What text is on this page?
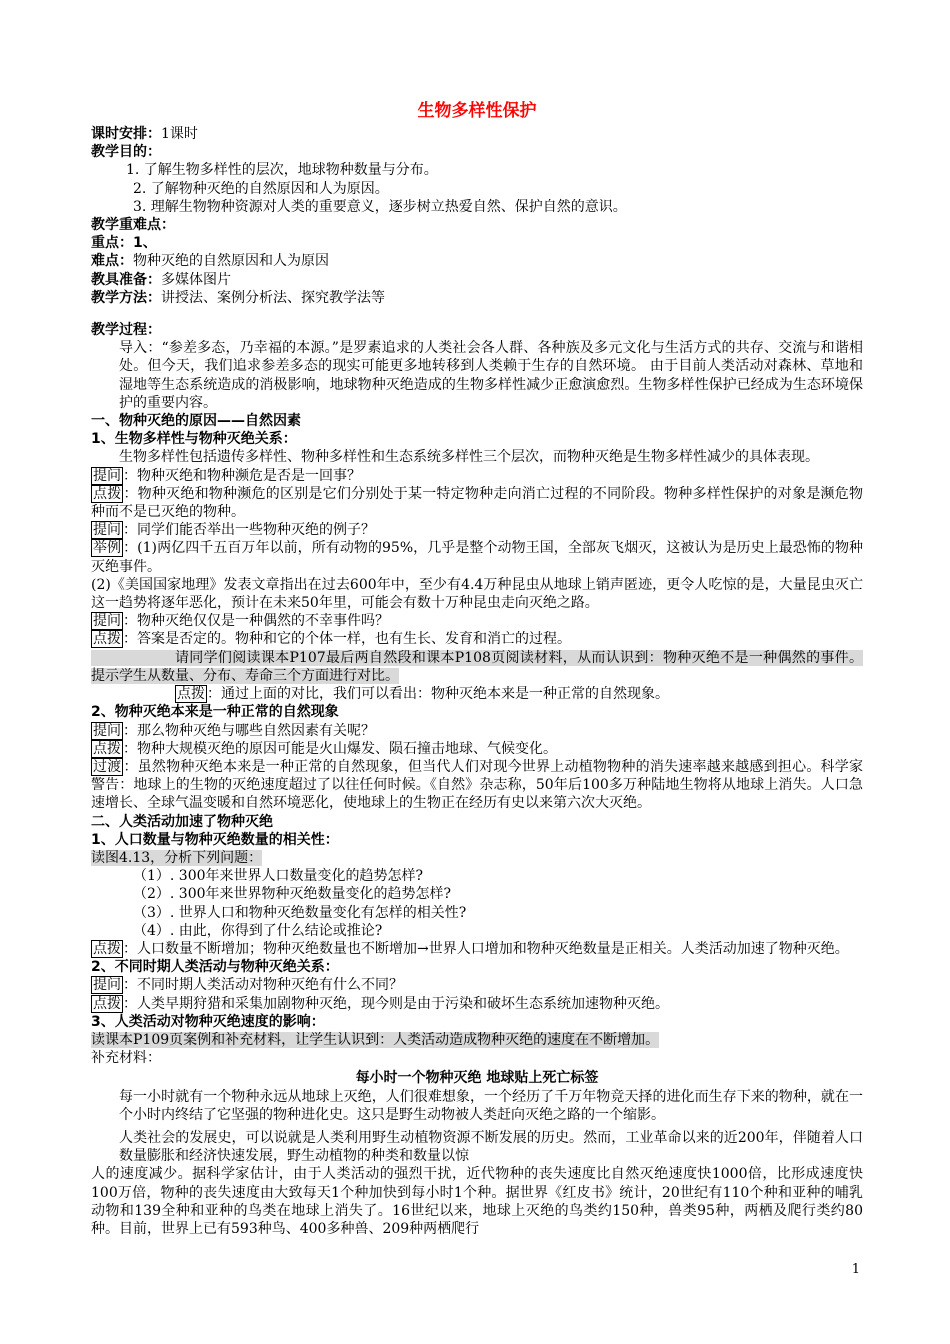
生物多样性保护
课时安排：1课时
教学目的：
1. 了解生物多样性的层次，地球物种数量与分布。
2. 了解物种灭绝的自然原因和人为原因。
3. 理解生物物种资源对人类的重要意义，逐步树立热爱自然、保护自然的意识。
教学重难点：
重点：1、
难点：物种灭绝的自然原因和人为原因
教具准备：多媒体图片
教学方法：讲授法、案例分析法、探究教学法等
教学过程：
导入：“参差多态，乃幸福的本源。”是罗素追求的人类社会各人群、各种族及多元文化与生活方式的共存、交流与和谐相处。但今天，我们追求参差多态的现实可能更多地转移到人类赖于生存的自然环境。 由于目前人类活动对森林、草地和湿地等生态系统造成的消极影响，地球物种灭绝造成的生物多样性减少正愈演愈烈。生物多样性保护已经成为生态环境保护的重要内容。
一、物种灭绝的原因——自然因素
1、生物多样性与物种灭绝关系：
生物多样性包括遗传多样性、物种多样性和生态系统多样性三个层次，而物种灭绝是生物多样性减少的具体表现。
提问 ：物种灭绝和物种濒危是否是一回事？
点拨 ：物种灭绝和物种濒危的区别是它们分别处于某一特定物种走向消亡过程的不同阶段。物种多样性保护的对象是濒危物种而不是已灭绝的物种。
提问 ：同学们能否举出一些物种灭绝的例子？
举例 ：(1)两亿四千五百万年以前，所有动物的95%，几乎是整个动物王国，全部灰飞烟灭，这被认为是历史上最恐怖的物种灭绝事件。
(2)《美国国家地理》发表文章指出在过去600年中，至少有4.4万种昆虫从地球上销声匿迹，更令人吃惊的是，大量昆虫灭亡这一趋势将逐年恶化，预计在未来50年里，可能会有数十万种昆虫走向灭绝之路。
提问 ：物种灭绝仅仅是一种偶然的不幸事件吗？
点拨 ：答案是否定的。物种和它的个体一样，也有生长、发育和消亡的过程。
请同学们阅读课本P107最后两自然段和课本P108页阅读材料，从而认识到：物种灭绝不是一种偶然的事件。提示学生从数量、分布、寿命三个方面进行对比。
点拨 ：通过上面的对比，我们可以看出：物种灭绝本来是一种正常的自然现象。
2、物种灭绝本来是一种正常的自然现象
提问 ：那么物种灭绝与哪些自然因素有关呢？
点拨 ：物种大规模灭绝的原因可能是火山爆发、陨石撞击地球、气候变化。
过渡 ：虽然物种灭绝本来是一种正常的自然现象，但当代人们对现今世界上动植物物种的消失速率越来越感到担心。科学家警告：地球上的生物的灭绝速度超过了以往任何时候。《自然》杂志称，50年后100多万种陆地生物将从地球上消失。人口急速增长、全球气温变暖和自然环境恶化，使地球上的生物正在经历有史以来第六次大灭绝。
二、人类活动加速了物种灭绝
1、人口数量与物种灭绝数量的相关性：
读图4.13，分析下列问题：
（1）. 300年来世界人口数量变化的趋势怎样?
（2）. 300年来世界物种灭绝数量变化的趋势怎样?
（3）. 世界人口和物种灭绝数量变化有怎样的相关性?
（4）. 由此，你得到了什么结论或推论?
点拨 ：人口数量不断增加；物种灭绝数量也不断增加→世界人口增加和物种灭绝数量是正相关。人类活动加速了物种灭绝。
2、不同时期人类活动与物种灭绝关系：
提问 ：不同时期人类活动对物种灭绝有什么不同？
点拨 ：人类早期狩猎和采集加剧物种灭绝，现今则是由于污染和破坏生态系统加速物种灭绝。
3、人类活动对物种灭绝速度的影响：
读课本P109页案例和补充材料，让学生认识到：人类活动造成物种灭绝的速度在不断增加。
补充材料：
每小时一个物种灭绝 地球贴上死亡标签
每一小时就有一个物种永远从地球上灭绝，人们很难想象，一个经历了千万年物竞天择的进化而生存下来的物种，就在一个小时内终结了它坚强的物种进化史。这只是野生动物被人类赶向灭绝之路的一个缩影。
人类社会的发展史，可以说就是人类利用野生动植物资源不断发展的历史。然而，工业革命以来的近200年，伴随着人口数量膨胀和经济快速发展，野生动植物的种类和数量以惊
人的速度减少。据科学家估计，由于人类活动的强烈干扰，近代物种的丧失速度比自然灭绝速度快1000倍，比形成速度快100万倍，物种的丧失速度由大致每天1个种加快到每小时1个种。据世界《红皮书》统计，20世纪有110个种和亚种的哺乳动物和139全种和亚种的鸟类在地球上消失了。16世纪以来，地球上灭绝的鸟类约150种，兽类95种，两栖及爬行类约80种。目前，世界上已有593种鸟、400多种兽、209种两栖爬行
1
